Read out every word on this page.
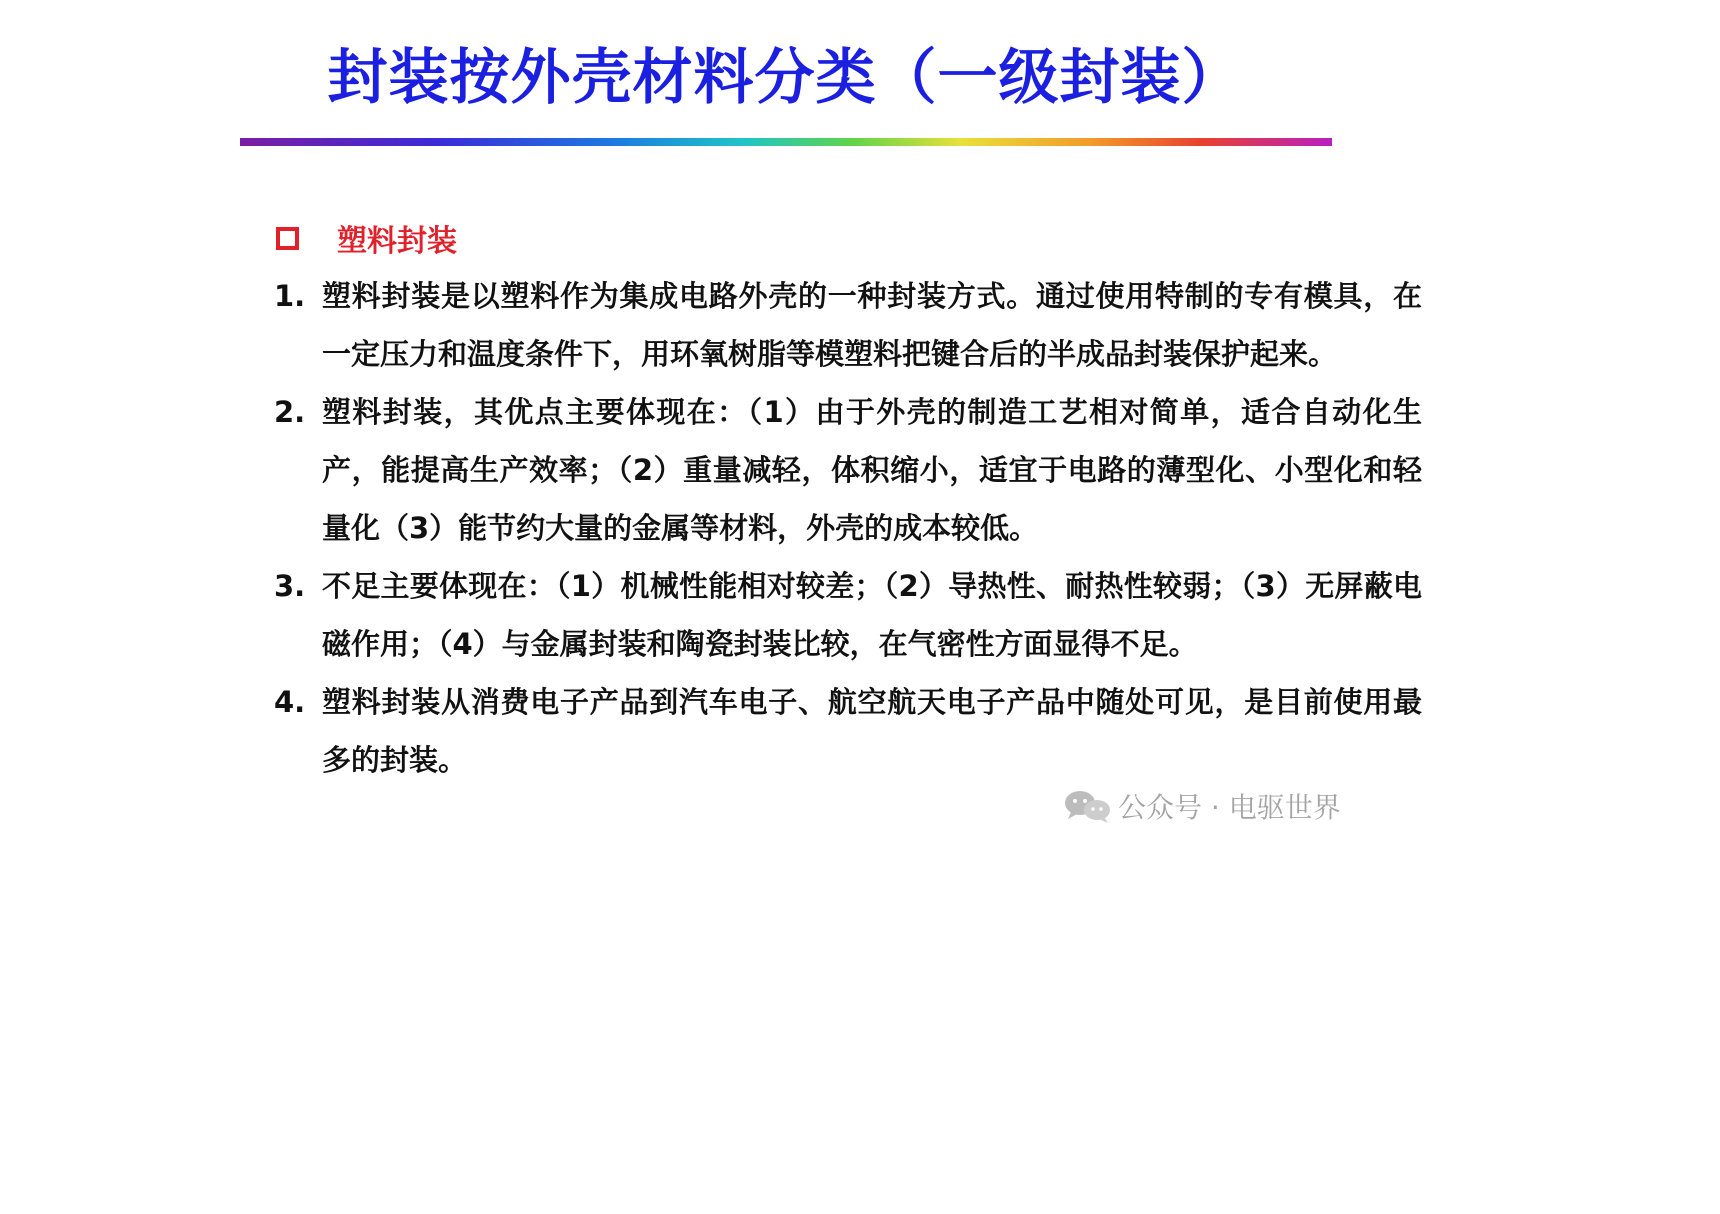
封装按外壳材料分类（一级封装）
塑料封装
1. 塑料封装是以塑料作为集成电路外壳的一种封装方式。通过使用特制的专有模具，在一定压力和温度条件下，用环氧树脂等模塑料把键合后的半成品封装保护起来。
2. 塑料封装，其优点主要体现在：（1）由于外壳的制造工艺相对简单，适合自动化生产，能提高生产效率；（2）重量减轻，体积缩小，适宜于电路的薄型化、小型化和轻量化（3）能节约大量的金属等材料，外壳的成本较低。
3. 不足主要体现在：（1）机械性能相对较差；（2）导热性、耐热性较弱；（3）无屏蔽电磁作用；（4）与金属封装和陶瓷封装比较，在气密性方面显得不足。
4. 塑料封装从消费电子产品到汽车电子、航空航天电子产品中随处可见，是目前使用最多的封装。
公众号 · 电驱世界
